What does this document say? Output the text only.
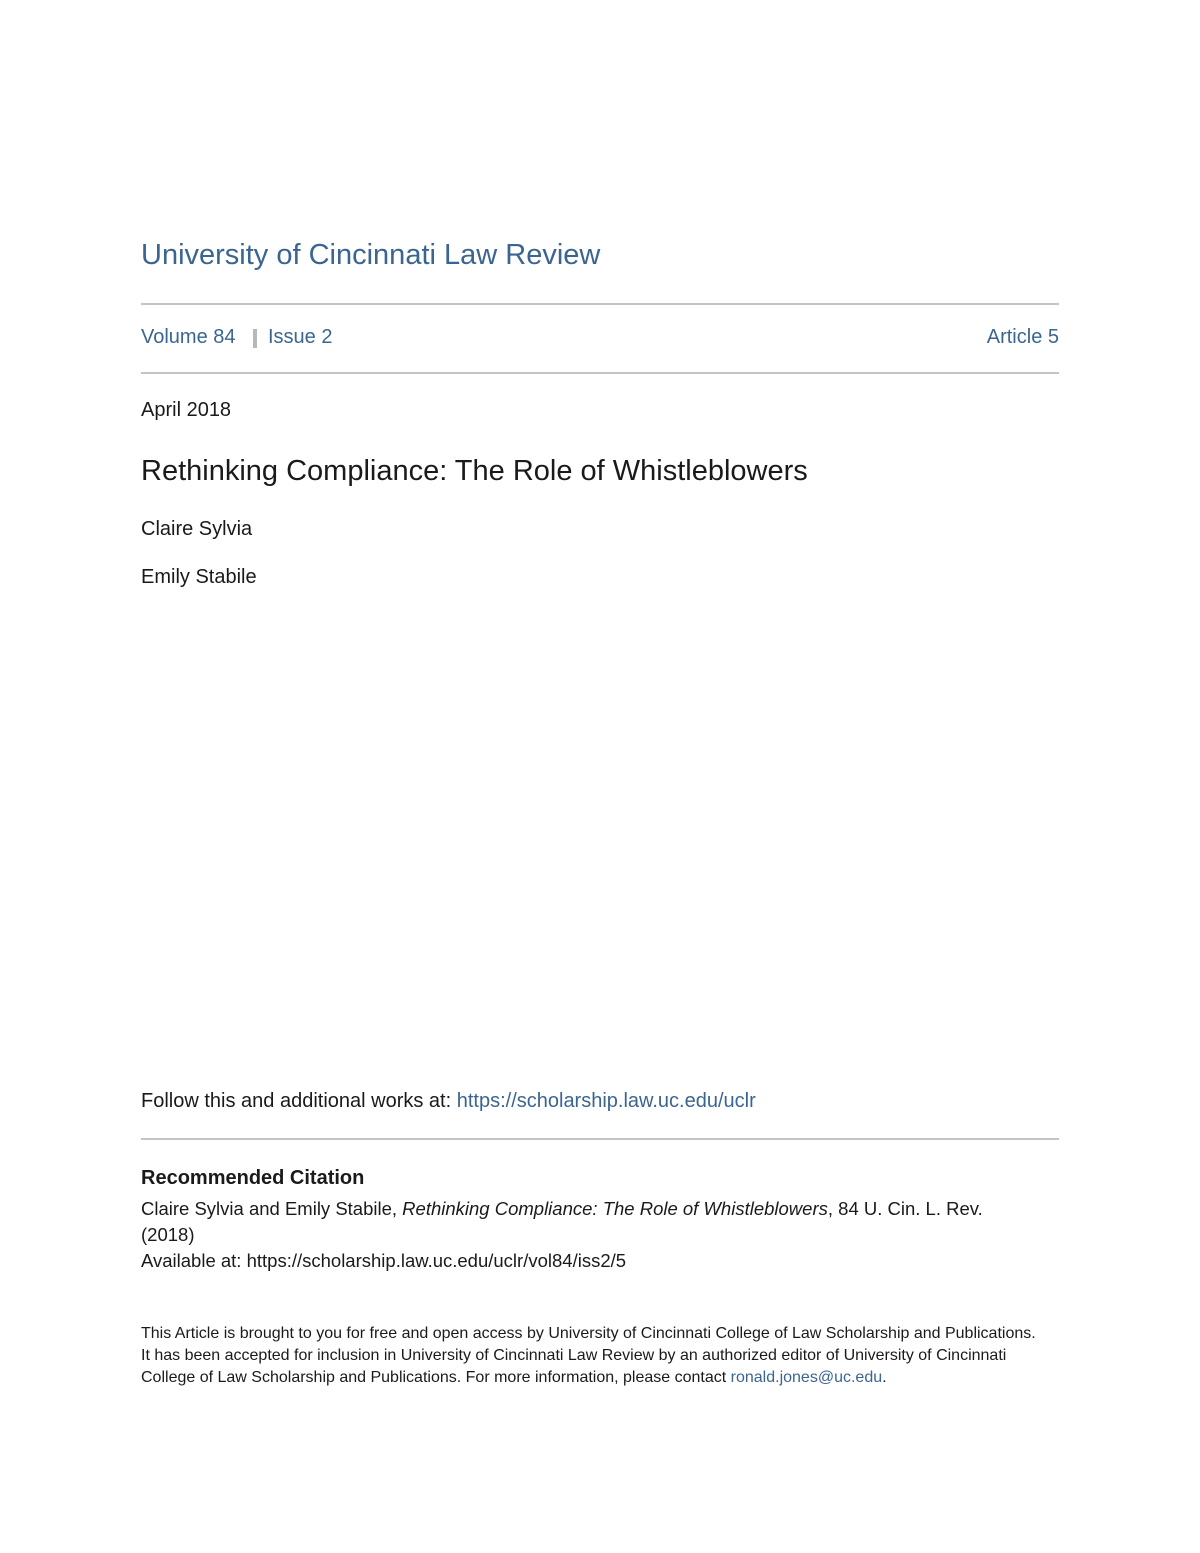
University of Cincinnati Law Review
Volume 84 Issue 2	Article 5
April 2018
Rethinking Compliance: The Role of Whistleblowers
Claire Sylvia
Emily Stabile
Follow this and additional works at: https://scholarship.law.uc.edu/uclr
Recommended Citation
Claire Sylvia and Emily Stabile, Rethinking Compliance: The Role of Whistleblowers, 84 U. Cin. L. Rev. (2018)
Available at: https://scholarship.law.uc.edu/uclr/vol84/iss2/5
This Article is brought to you for free and open access by University of Cincinnati College of Law Scholarship and Publications. It has been accepted for inclusion in University of Cincinnati Law Review by an authorized editor of University of Cincinnati College of Law Scholarship and Publications. For more information, please contact ronald.jones@uc.edu.
